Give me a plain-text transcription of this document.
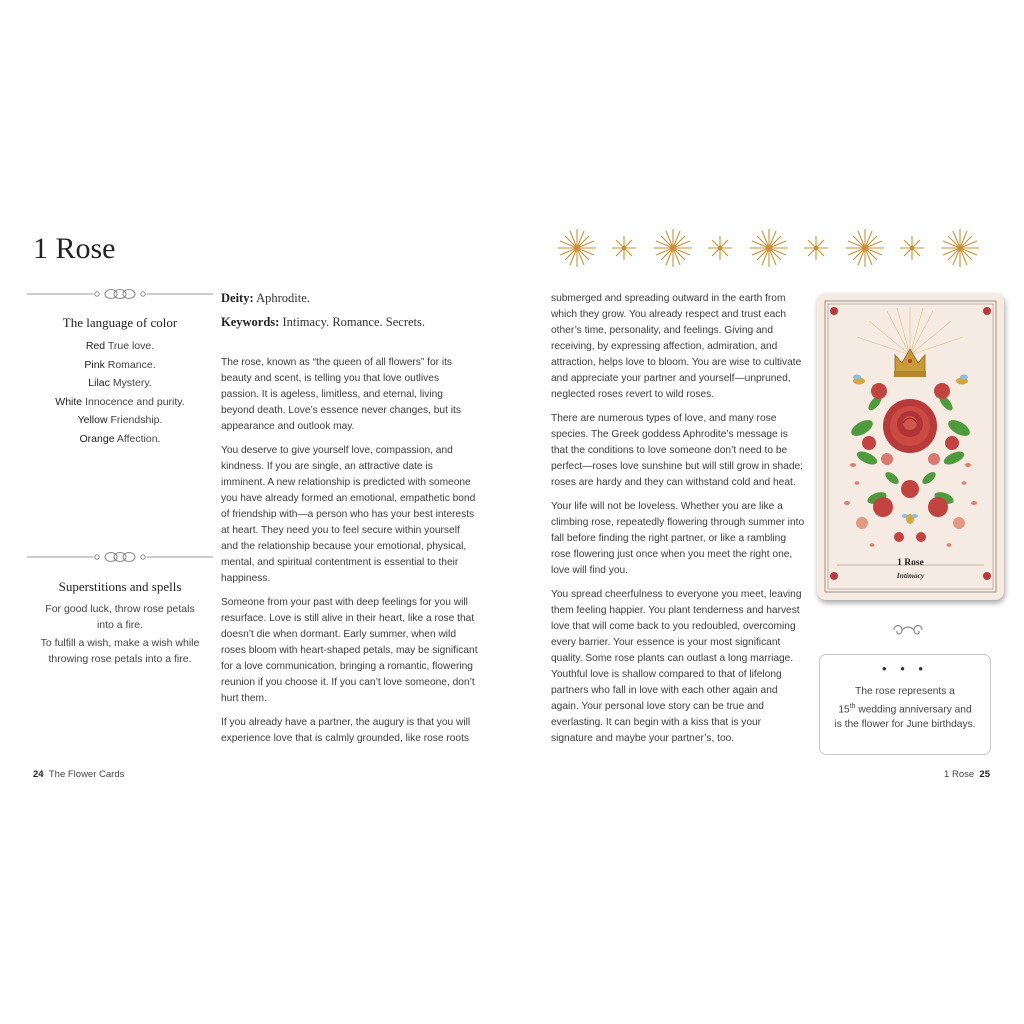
1 Rose
The language of color
Red True love.
Pink Romance.
Lilac Mystery.
White Innocence and purity.
Yellow Friendship.
Orange Affection.
Superstitions and spells

For good luck, throw rose petals into a fire.

To fulfill a wish, make a wish while throwing rose petals into a fire.

Deity: Aphrodite.
Keywords: Intimacy. Romance. Secrets.

The rose, known as “the queen of all flowers” for its beauty and scent, is telling you that love outlives passion. It is ageless, limitless, and eternal, living beyond death. Love’s essence never changes, but its appearance and outlook may.

You deserve to give yourself love, compassion, and kindness. If you are single, an attractive date is imminent. A new relationship is predicted with someone you have already formed an emotional, empathetic bond of friendship with—a person who has your best interests at heart. They need you to feel secure within yourself and the relationship because your emotional, physical, mental, and spiritual contentment is essential to their happiness.

Someone from your past with deep feelings for you will resurface. Love is still alive in their heart, like a rose that doesn’t die when dormant. Early summer, when wild roses bloom with heart-shaped petals, may be significant for a love communication, bringing a romantic, flowering reunion if you choose it. If you can’t love someone, don’t hurt them.

If you already have a partner, the augury is that you will experience love that is calmly grounded, like rose roots

24 The Flower Cards

submerged and spreading outward in the earth from which they grow. You already respect and trust each other’s time, personality, and feelings. Giving and receiving, by expressing affection, admiration, and attraction, helps love to bloom. You are wise to cultivate and appreciate your partner and yourself—unpruned, neglected roses revert to wild roses.

There are numerous types of love, and many rose species. The Greek goddess Aphrodite’s message is that the conditions to love someone don’t need to be perfect—roses love sunshine but will still grow in shade; roses are hardy and they can withstand cold and heat.

Your life will not be loveless. Whether you are like a climbing rose, repeatedly flowering through summer into fall before finding the right partner, or like a rambling rose flowering just once when you meet the right one, love will find you.

You spread cheerfulness to everyone you meet, leaving them feeling happier. You plant tenderness and harvest love that will come back to you redoubled, overcoming every barrier. Your essence is your most significant quality. Some rose plants can outlast a long marriage. Youthful love is shallow compared to that of lifelong partners who fall in love with each other again and again. Your personal love story can be true and everlasting. It can begin with a kiss that is your signature and maybe your partner’s, too.

1 Rose
Intimacy
• • •
The rose represents a
15th wedding anniversary and
is the flower for June birthdays.
1 Rose 25
